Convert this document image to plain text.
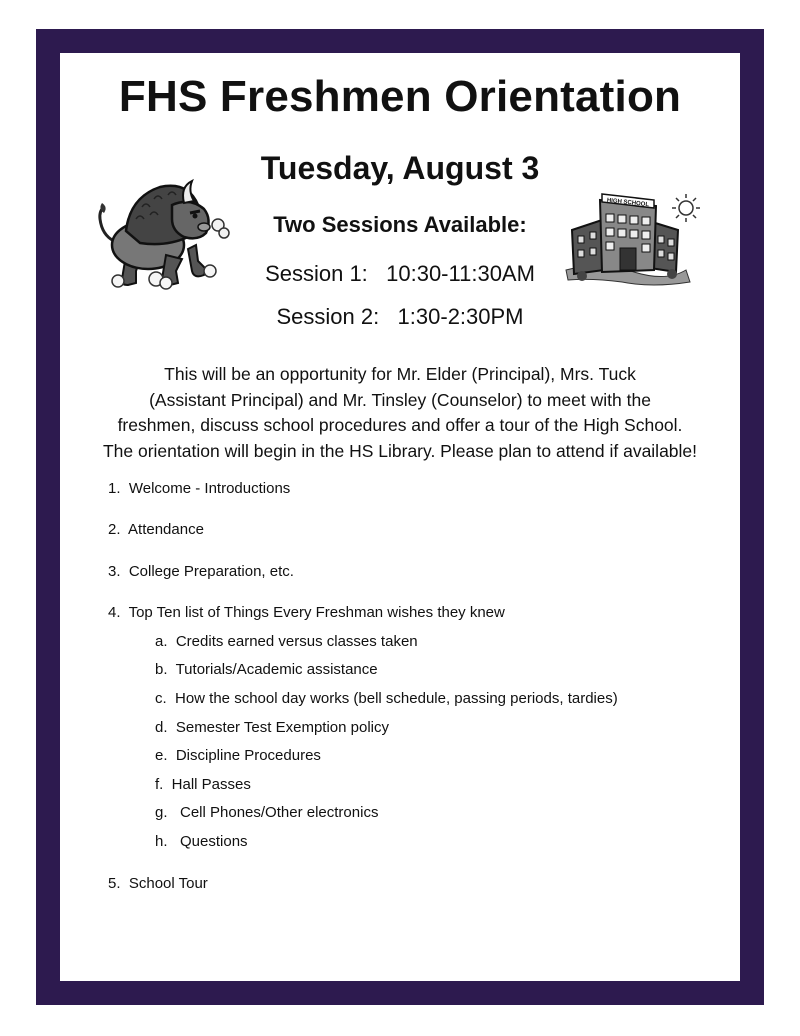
FHS Freshmen Orientation
Tuesday, August 3
Two Sessions Available:
Session 1:   10:30-11:30AM
Session 2:   1:30-2:30PM
This will be an opportunity for Mr. Elder (Principal), Mrs. Tuck
(Assistant Principal) and Mr. Tinsley (Counselor) to meet with the
freshmen, discuss school procedures and offer a tour of the High School.
The orientation will begin in the HS Library. Please plan to attend if available!
1.  Welcome - Introductions
2.  Attendance
3.  College Preparation, etc.
4.  Top Ten list of Things Every Freshman wishes they knew
a.  Credits earned versus classes taken
b.  Tutorials/Academic assistance
c.  How the school day works (bell schedule, passing periods, tardies)
d.  Semester Test Exemption policy
e.  Discipline Procedures
f.  Hall Passes
g.   Cell Phones/Other electronics
h.   Questions
5.  School Tour
HIGH SCHOOL
